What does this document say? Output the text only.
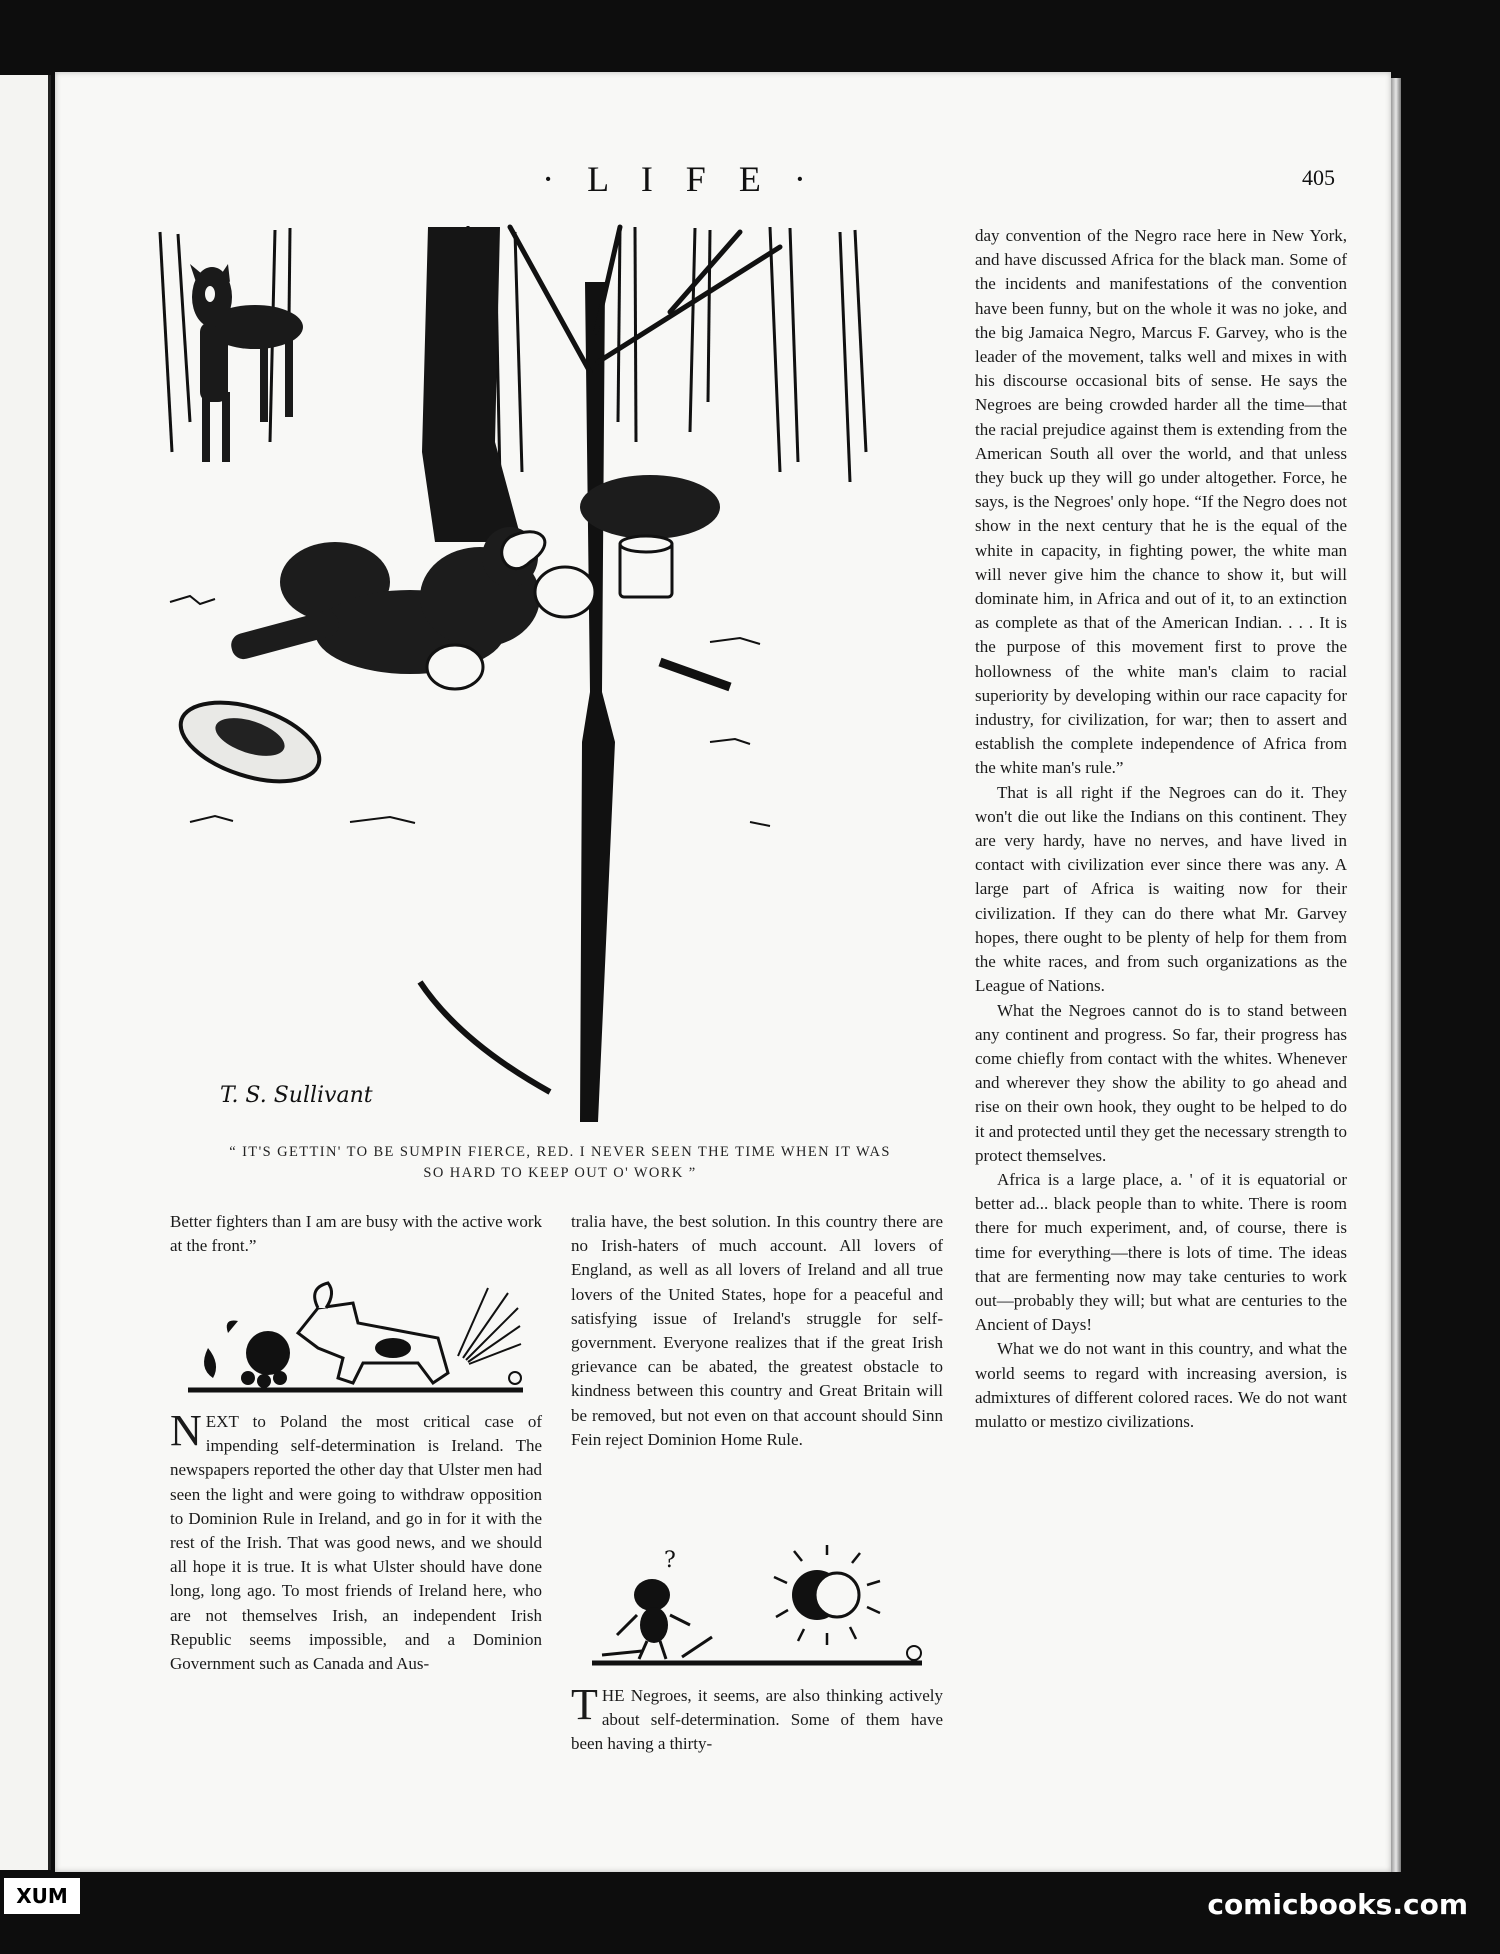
· L I F E ·	405
T. S. Sullivant
“ IT'S GETTIN' TO BE SUMPIN FIERCE, RED. I NEVER SEEN THE TIME WHEN IT WAS
SO HARD TO KEEP OUT O' WORK ”

Better fighters than I am are busy with the active work at the front.”

NEXT to Poland the most critical case of impending self-determination is Ireland. The newspapers reported the other day that Ulster men had seen the light and were going to withdraw opposition to Dominion Rule in Ireland, and go in for it with the rest of the Irish. That was good news, and we should all hope it is true. It is what Ulster should have done long, long ago. To most friends of Ireland here, who are not themselves Irish, an independent Irish Republic seems impossible, and a Dominion Government such as Canada and Aus-

tralia have, the best solution. In this country there are no Irish-haters of much account. All lovers of England, as well as all lovers of Ireland and all true lovers of the United States, hope for a peaceful and satisfying issue of Ireland's struggle for self-government. Everyone realizes that if the great Irish grievance can be abated, the greatest obstacle to kindness between this country and Great Britain will be removed, but not even on that account should Sinn Fein reject Dominion Home Rule.

?

THE Negroes, it seems, are also thinking actively about self-determination. Some of them have been having a thirty-

day convention of the Negro race here in New York, and have discussed Africa for the black man. Some of the incidents and manifestations of the convention have been funny, but on the whole it was no joke, and the big Jamaica Negro, Marcus F. Garvey, who is the leader of the movement, talks well and mixes in with his discourse occasional bits of sense. He says the Negroes are being crowded harder all the time—that the racial prejudice against them is extending from the American South all over the world, and that unless they buck up they will go under altogether. Force, he says, is the Negroes' only hope. “If the Negro does not show in the next century that he is the equal of the white in capacity, in fighting power, the white man will never give him the chance to show it, but will dominate him, in Africa and out of it, to an extinction as complete as that of the American Indian. . . . It is the purpose of this movement first to prove the hollowness of the white man's claim to racial superiority by developing within our race capacity for industry, for civilization, for war; then to assert and establish the complete independence of Africa from the white man's rule.”

That is all right if the Negroes can do it. They won't die out like the Indians on this continent. They are very hardy, have no nerves, and have lived in contact with civilization ever since there was any. A large part of Africa is waiting now for their civilization. If they can do there what Mr. Garvey hopes, there ought to be plenty of help for them from the white races, and from such organizations as the League of Nations.

What the Negroes cannot do is to stand between any continent and progress. So far, their progress has come chiefly from contact with the whites. Whenever and wherever they show the ability to go ahead and rise on their own hook, they ought to be helped to do it and protected until they get the necessary strength to protect themselves.

Africa is a large place, a. ' of it is equatorial or better ad... black people than to white. There is room there for much experiment, and, of course, there is time for everything—there is lots of time. The ideas that are fermenting now may take centuries to work out—probably they will; but what are centuries to the Ancient of Days!

What we do not want in this country, and what the world seems to regard with increasing aversion, is admixtures of different colored races. We do not want mulatto or mestizo civilizations.

XUM	comicbooks.com
